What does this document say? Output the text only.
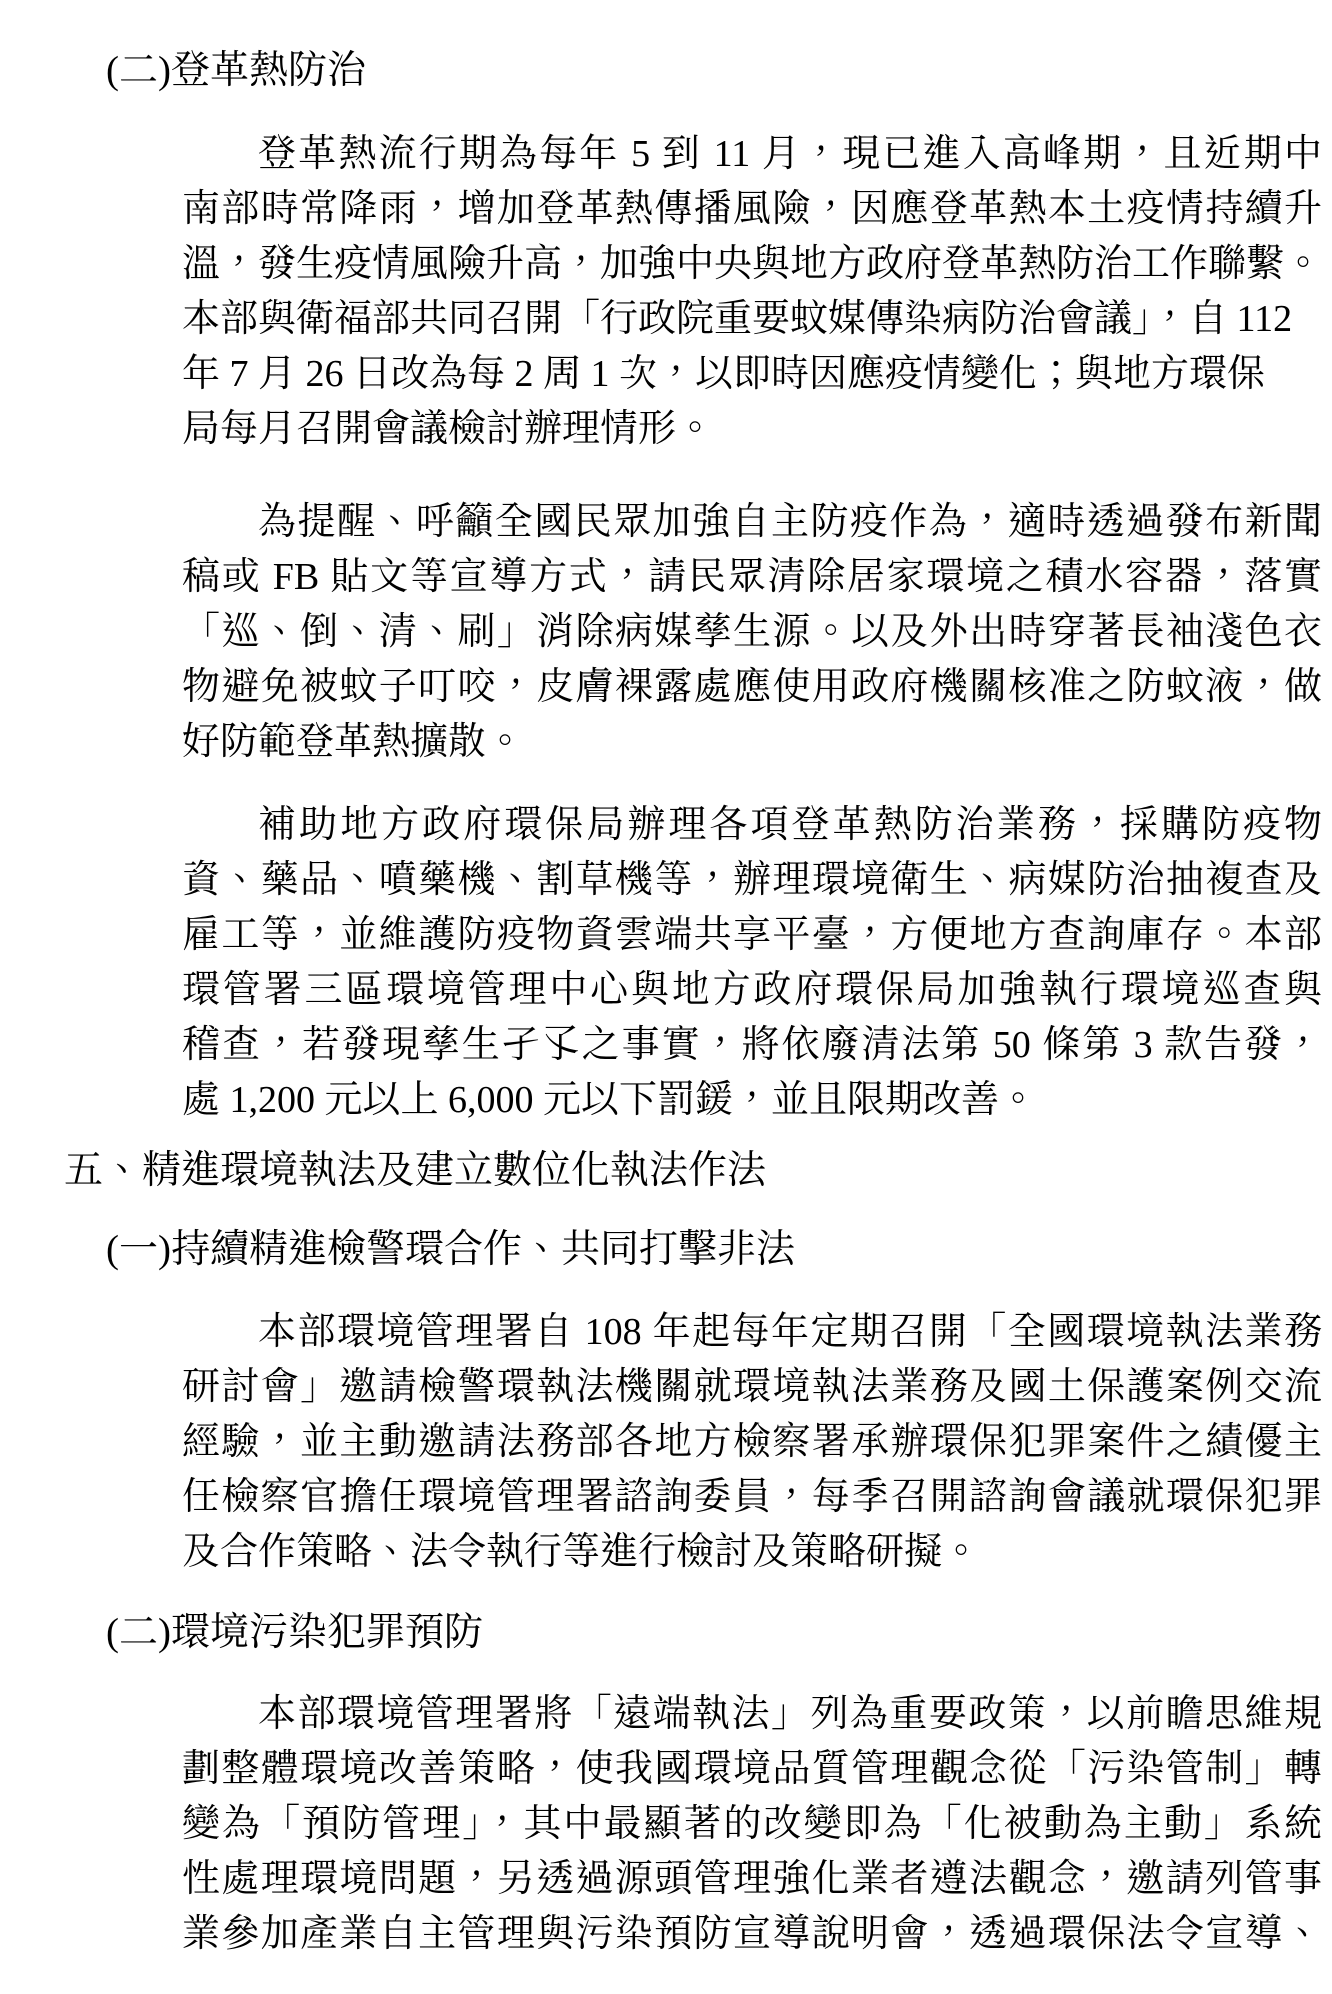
(二)登革熱防治
登革熱流行期為每年 5 到 11 月，現已進入高峰期，且近期中
南部時常降雨，增加登革熱傳播風險，因應登革熱本土疫情持續升
溫，發生疫情風險升高，加強中央與地方政府登革熱防治工作聯繫。
本部與衛福部共同召開「行政院重要蚊媒傳染病防治會議」，自 112
年 7 月 26 日改為每 2 周 1 次，以即時因應疫情變化；與地方環保
局每月召開會議檢討辦理情形。
為提醒、呼籲全國民眾加強自主防疫作為，適時透過發布新聞
稿或 FB 貼文等宣導方式，請民眾清除居家環境之積水容器，落實
「巡、倒、清、刷」消除病媒孳生源。以及外出時穿著長袖淺色衣
物避免被蚊子叮咬，皮膚裸露處應使用政府機關核准之防蚊液，做
好防範登革熱擴散。
補助地方政府環保局辦理各項登革熱防治業務，採購防疫物
資、藥品、噴藥機、割草機等，辦理環境衛生、病媒防治抽複查及
雇工等，並維護防疫物資雲端共享平臺，方便地方查詢庫存。本部
環管署三區環境管理中心與地方政府環保局加強執行環境巡查與
稽查，若發現孳生孑孓之事實，將依廢清法第 50 條第 3 款告發，
處 1,200 元以上 6,000 元以下罰鍰，並且限期改善。
五、精進環境執法及建立數位化執法作法
(一)持續精進檢警環合作、共同打擊非法
本部環境管理署自 108 年起每年定期召開「全國環境執法業務
研討會」邀請檢警環執法機關就環境執法業務及國土保護案例交流
經驗，並主動邀請法務部各地方檢察署承辦環保犯罪案件之績優主
任檢察官擔任環境管理署諮詢委員，每季召開諮詢會議就環保犯罪
及合作策略、法令執行等進行檢討及策略研擬。
(二)環境污染犯罪預防
本部環境管理署將「遠端執法」列為重要政策，以前瞻思維規
劃整體環境改善策略，使我國環境品質管理觀念從「污染管制」轉
變為「預防管理」，其中最顯著的改變即為「化被動為主動」系統
性處理環境問題，另透過源頭管理強化業者遵法觀念，邀請列管事
業參加產業自主管理與污染預防宣導說明會，透過環保法令宣導、
